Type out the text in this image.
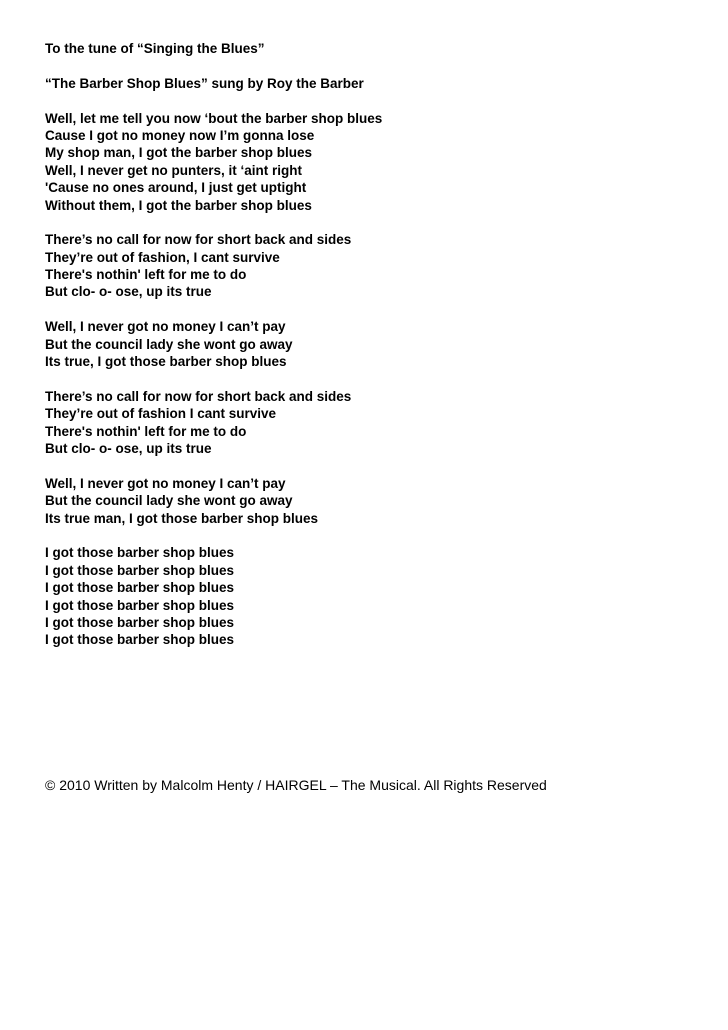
To the tune of “Singing the Blues”
“The Barber Shop Blues” sung by Roy the Barber
Well, let me tell you now ‘bout the barber shop blues
Cause I got no money now I’m gonna lose
My shop man, I got the barber shop blues
Well, I never get no punters, it ‘aint right
'Cause no ones around, I just get uptight
Without them, I got the barber shop blues
There’s no call for now for short back and sides
They’re out of fashion, I cant survive
There's nothin' left for me to do
But clo- o- ose, up its true
Well, I never got no money I can’t pay
But the council lady she wont go away
Its true, I got those barber shop blues
There’s no call for now for short back and sides
They’re out of fashion I cant survive
There's nothin' left for me to do
But clo- o- ose, up its true
Well, I never got no money I can’t pay
But the council lady she wont go away
Its true man, I got those barber shop blues
I got those barber shop blues
I got those barber shop blues
I got those barber shop blues
I got those barber shop blues
I got those barber shop blues
I got those barber shop blues
© 2010 Written by Malcolm Henty / HAIRGEL – The Musical. All Rights Reserved
